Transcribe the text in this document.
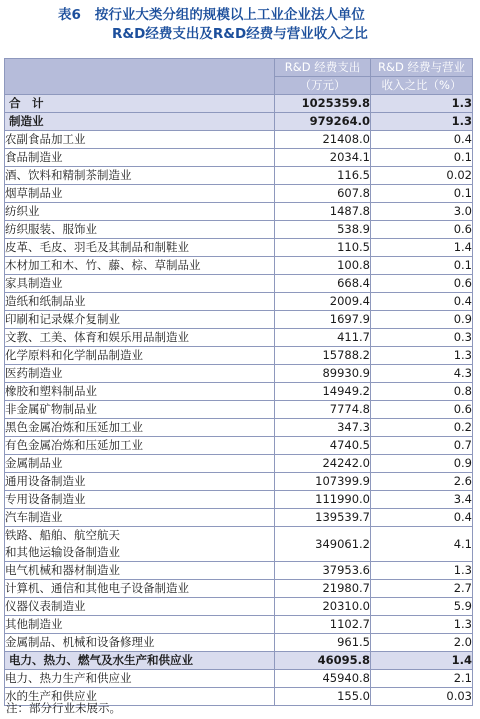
表6 按行业大类分组的规模以上工业企业法人单位
R&D经费支出及R&D经费与营业收入之比
	R&D 经费支出	R&D 经费与营业
	（万元）	收入之比（%）
合　计	1025359.8	1.3
制造业	979264.0	1.3
农副食品加工业	21408.0	0.4
食品制造业	2034.1	0.1
酒、饮料和精制茶制造业	116.5	0.02
烟草制品业	607.8	0.1
纺织业	1487.8	3.0
纺织服装、服饰业	538.9	0.6
皮革、毛皮、羽毛及其制品和制鞋业	110.5	1.4
木材加工和木、竹、藤、棕、草制品业	100.8	0.1
家具制造业	668.4	0.6
造纸和纸制品业	2009.4	0.4
印刷和记录媒介复制业	1697.9	0.9
文教、工美、体育和娱乐用品制造业	411.7	0.3
化学原料和化学制品制造业	15788.2	1.3
医药制造业	89930.9	4.3
橡胶和塑料制品业	14949.2	0.8
非金属矿物制品业	7774.8	0.6
黑色金属冶炼和压延加工业	347.3	0.2
有色金属冶炼和压延加工业	4740.5	0.7
金属制品业	24242.0	0.9
通用设备制造业	107399.9	2.6
专用设备制造业	111990.0	3.4
汽车制造业	139539.7	0.4
铁路、船舶、航空航天
和其他运输设备制造业	349061.2	4.1
电气机械和器材制造业	37953.6	1.3
计算机、通信和其他电子设备制造业	21980.7	2.7
仪器仪表制造业	20310.0	5.9
其他制造业	1102.7	1.3
金属制品、机械和设备修理业	961.5	2.0
电力、热力、燃气及水生产和供应业	46095.8	1.4
电力、热力生产和供应业	45940.8	2.1
水的生产和供应业	155.0	0.03
注：部分行业未展示。
